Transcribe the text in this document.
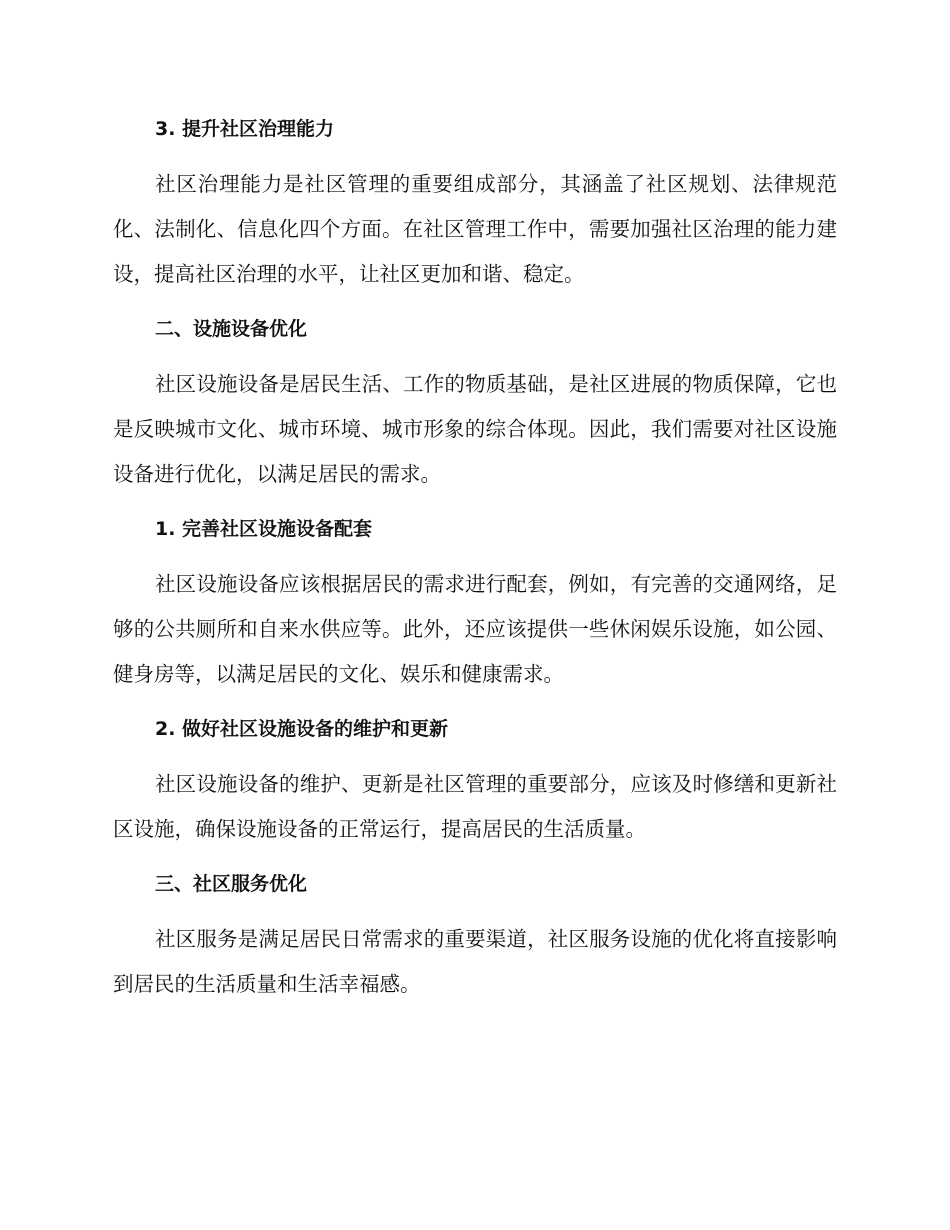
3. 提升社区治理能力

社区治理能力是社区管理的重要组成部分，其涵盖了社区规划、法律规范化、法制化、信息化四个方面。在社区管理工作中，需要加强社区治理的能力建设，提高社区治理的水平，让社区更加和谐、稳定。

二、设施设备优化

社区设施设备是居民生活、工作的物质基础，是社区进展的物质保障，它也是反映城市文化、城市环境、城市形象的综合体现。因此，我们需要对社区设施设备进行优化，以满足居民的需求。

1. 完善社区设施设备配套

社区设施设备应该根据居民的需求进行配套，例如，有完善的交通网络，足够的公共厕所和自来水供应等。此外，还应该提供一些休闲娱乐设施，如公园、健身房等，以满足居民的文化、娱乐和健康需求。

2. 做好社区设施设备的维护和更新

社区设施设备的维护、更新是社区管理的重要部分，应该及时修缮和更新社区设施，确保设施设备的正常运行，提高居民的生活质量。

三、社区服务优化

社区服务是满足居民日常需求的重要渠道，社区服务设施的优化将直接影响到居民的生活质量和生活幸福感。
